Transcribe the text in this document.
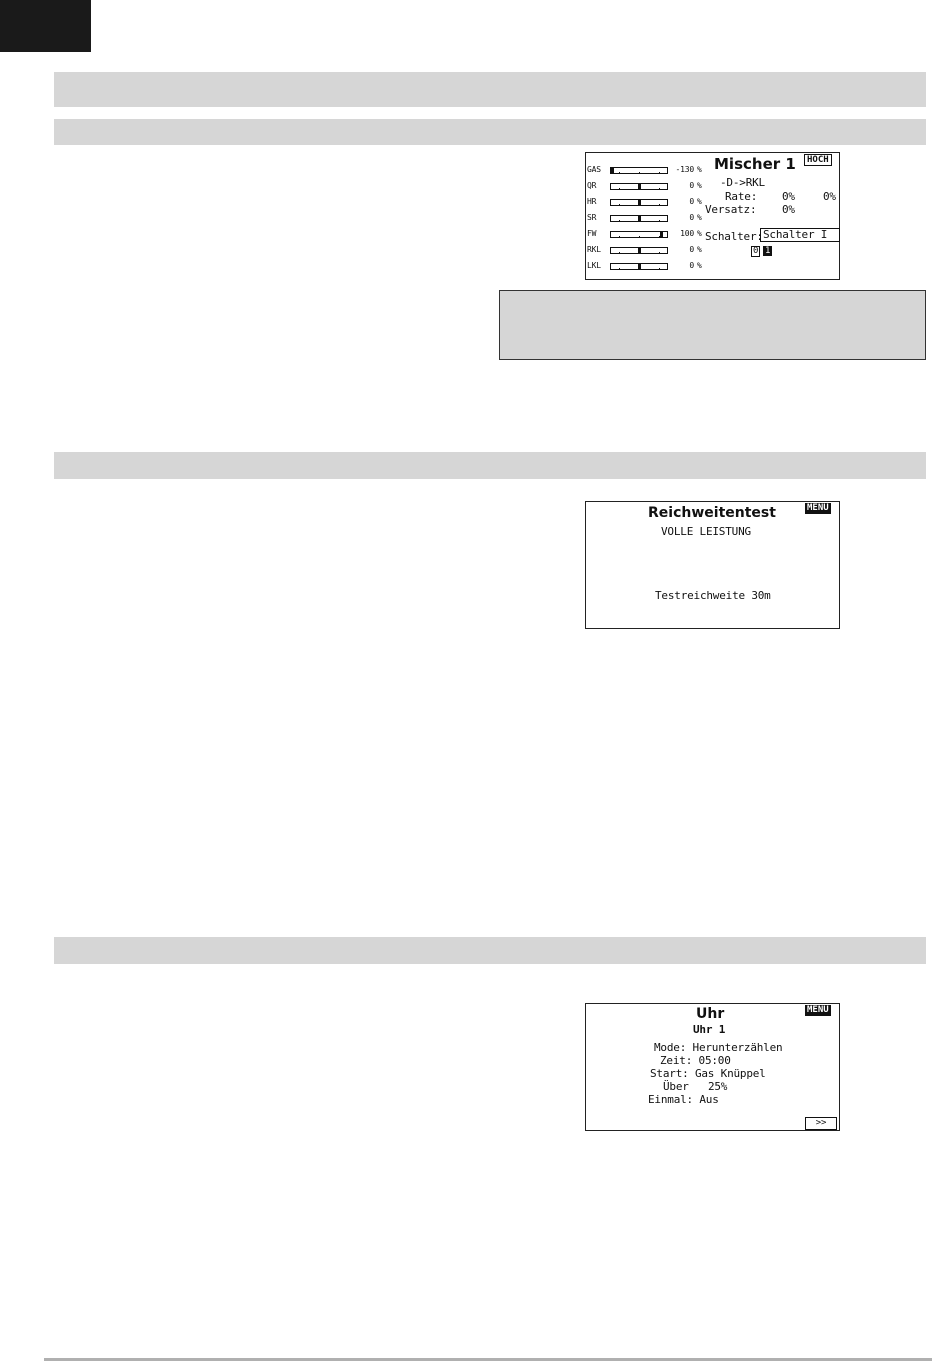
Mischer 1	HOCH
GAS	-130 %
QR	0 %
HR	0 %
SR	0 %
FW	100 %
RKL	0 %
LKL	0 %
-D->RKL
Rate: 0%	0%
Versatz: 0%
Schalter: Schalter I
0 1
Reichweitentest	MENU
VOLLE LEISTUNG
Testreichweite 30m
Uhr	MENU
Uhr 1
Mode: Herunterzählen
Zeit: 05:00
Start: Gas Knüppel
Über   25%
Einmal: Aus
>>
